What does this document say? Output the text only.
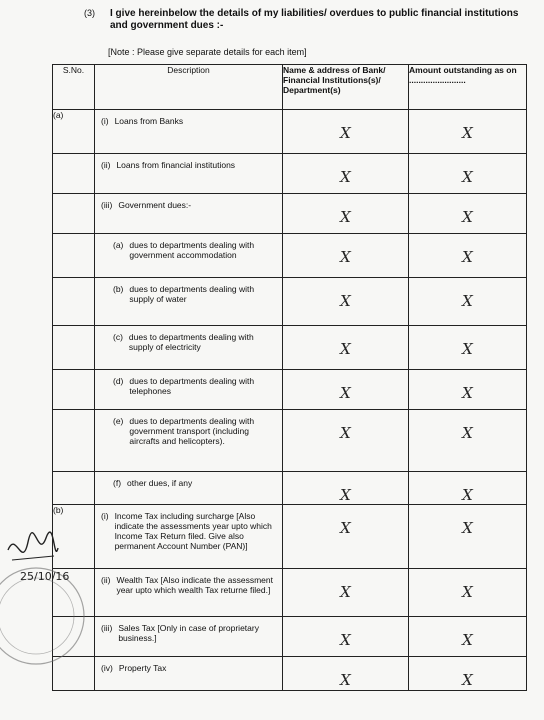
(3) I give hereinbelow the details of my liabilities/ overdues to public financial institutions and government dues :-
[Note : Please give separate details for each item]
S.No.	Description	Name & address of Bank/ Financial Institutions(s)/ Department(s)	Amount outstanding as on ........................
(a)	(i) Loans from Banks	X	X

	(ii) Loans from financial institutions	X	X

	(iii) Government dues:-	X	X

	(a) dues to departments dealing with government accommodation	X	X

	(b) dues to departments dealing with supply of water	X	X

	(c) dues to departments dealing with supply of electricity	X	X

	(d) dues to departments dealing with telephones	X	X

	(e) dues to departments dealing with government transport (including aircrafts and helicopters).	X	X

	(f) other dues, if any	X	X

(b)	(i) Income Tax including surcharge [Also indicate the assessments year upto which Income Tax Return filed. Give also permanent Account Number (PAN)]	X	X

	(ii) Wealth Tax [Also indicate the assessment year upto which wealth Tax returne filed.]	X	X

	(iii) Sales Tax [Only in case of proprietary business.]	X	X

	(iv) Property Tax	X	X
25/10/16
